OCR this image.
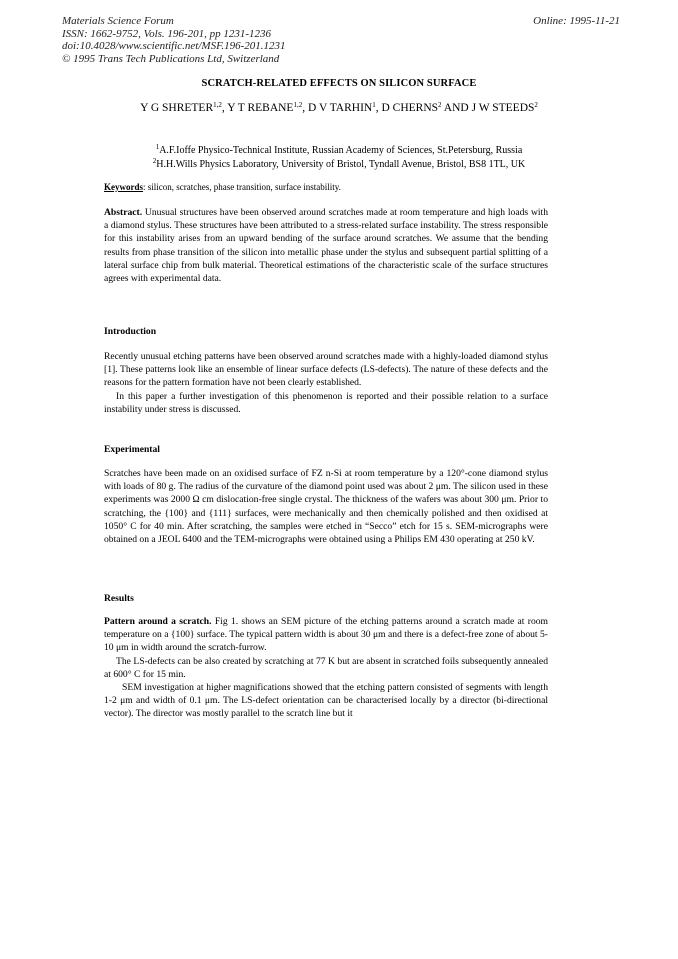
Materials Science Forum
ISSN: 1662-9752, Vols. 196-201, pp 1231-1236
doi:10.4028/www.scientific.net/MSF.196-201.1231
© 1995 Trans Tech Publications Ltd, Switzerland
Online: 1995-11-21
SCRATCH-RELATED EFFECTS ON SILICON SURFACE
Y G SHRETER$^{1,2}$, Y T REBANE$^{1,2}$, D V TARHIN$^1$, D CHERNS$^2$ AND J W STEEDS$^2$
$^1$A.F.Ioffe Physico-Technical Institute, Russian Academy of Sciences, St.Petersburg, Russia
$^2$H.H.Wills Physics Laboratory, University of Bristol, Tyndall Avenue, Bristol, BS8 1TL, UK
Keywords: silicon, scratches, phase transition, surface instability.

Abstract. Unusual structures have been observed around scratches made at room temperature and high loads with a diamond stylus. These structures have been attributed to a stress-related surface instability. The stress responsible for this instability arises from an upward bending of the surface around scratches. We assume that the bending results from phase transition of the silicon into metallic phase under the stylus and subsequent partial splitting of a lateral surface chip from bulk material. Theoretical estimations of the characteristic scale of the surface structures agrees with experimental data.

Introduction

Recently unusual etching patterns have been observed around scratches made with a highly-loaded diamond stylus [1]. These patterns look like an ensemble of linear surface defects (LS-defects). The nature of these defects and the reasons for the pattern formation have not been clearly established.

In this paper a further investigation of this phenomenon is reported and their possible relation to a surface instability under stress is discussed.

Experimental

Scratches have been made on an oxidised surface of FZ n-Si at room temperature by a 120°-cone diamond stylus with loads of 80 g. The radius of the curvature of the diamond point used was about 2 μm. The silicon used in these experiments was 2000 Ω cm dislocation-free single crystal. The thickness of the wafers was about 300 μm. Prior to scratching, the {100} and {111} surfaces, were mechanically and then chemically polished and then oxidised at 1050° C for 40 min. After scratching, the samples were etched in “Secco” etch for 15 s. SEM-micrographs were obtained on a JEOL 6400 and the TEM-micrographs were obtained using a Philips EM 430 operating at 250 kV.

Results

Pattern around a scratch. Fig 1. shows an SEM picture of the etching patterns around a scratch made at room temperature on a {100} surface. The typical pattern width is about 30 μm and there is a defect-free zone of about 5-10 μm in width around the scratch-furrow.

The LS-defects can be also created by scratching at 77 K but are absent in scratched foils subsequently annealed at 600° C for 15 min.

SEM investigation at higher magnifications showed that the etching pattern consisted of segments with length 1-2 μm and width of 0.1 μm. The LS-defect orientation can be characterised locally by a director (bi-directional vector). The director was mostly parallel to the scratch line but it
